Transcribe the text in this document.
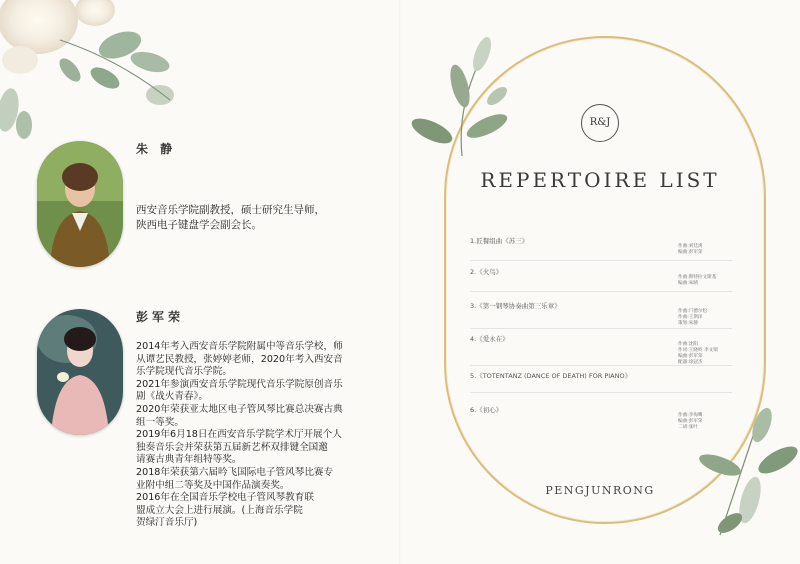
朱 静
西安音乐学院副教授，硕士研究生导师，
陕西电子键盘学会副会长。
彭军荣
2014年考入西安音乐学院附属中等音乐学校，师
从谭艺民教授，张婷婷老师，2020年考入西安音
乐学院现代音乐学院。
2021年参演西安音乐学院现代音乐学院原创音乐
剧《战火青春》。
2020年荣获亚太地区电子管风琴比赛总决赛古典
组一等奖。
2019年6月18日在西安音乐学院学术厅开展个人
独奏音乐会并荣获第五届新艺杯双排键全国邀
请赛古典青年组特等奖。
2018年荣获第六届吟飞国际电子管风琴比赛专
业附中组二等奖及中国作品演奏奖。
2016年在全国音乐学校电子管风琴教育联
盟成立大会上进行展演。(上海音乐学院
贺绿汀音乐厅)
R&J
REPERTOIRE LIST
1.匠餐组曲《苏三》
作曲:刘廷禹
编曲:彭军荣
2.《火鸟》
作曲:斯特拉文斯基
编曲:朱晴
3.《第一钢琴协奏曲第三乐章》
作曲:门德尔松
作曲:王斯泽
策划:朱静
4.《爱永在》
作曲:沈阳
作词:王晓岭 李文瑞
编曲:彭军荣
配器:徐冠杰
5.《TOTENTANZ (DANCE OF DEATH) FOR PIANO》
6.《初心》
作曲:李海鹰
编曲:彭军荣
二胡:张叶
PENGJUNRONG
